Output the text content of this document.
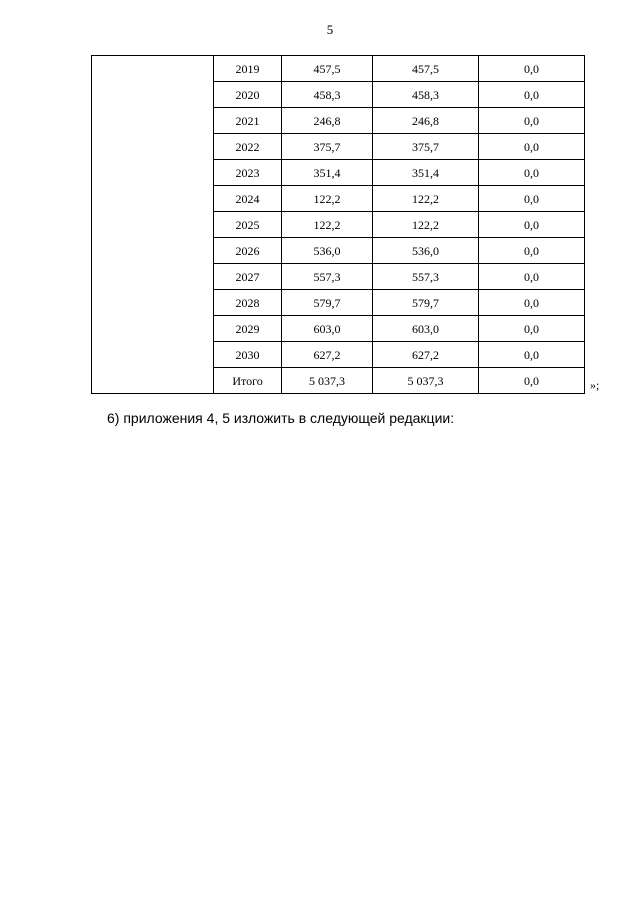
5
	2019	457,5	457,5	0,0
	2020	458,3	458,3	0,0
	2021	246,8	246,8	0,0
	2022	375,7	375,7	0,0
	2023	351,4	351,4	0,0
	2024	122,2	122,2	0,0
	2025	122,2	122,2	0,0
	2026	536,0	536,0	0,0
	2027	557,3	557,3	0,0
	2028	579,7	579,7	0,0
	2029	603,0	603,0	0,0
	2030	627,2	627,2	0,0
	Итого	5 037,3	5 037,3	0,0	»;
6) приложения 4, 5 изложить в следующей редакции:
